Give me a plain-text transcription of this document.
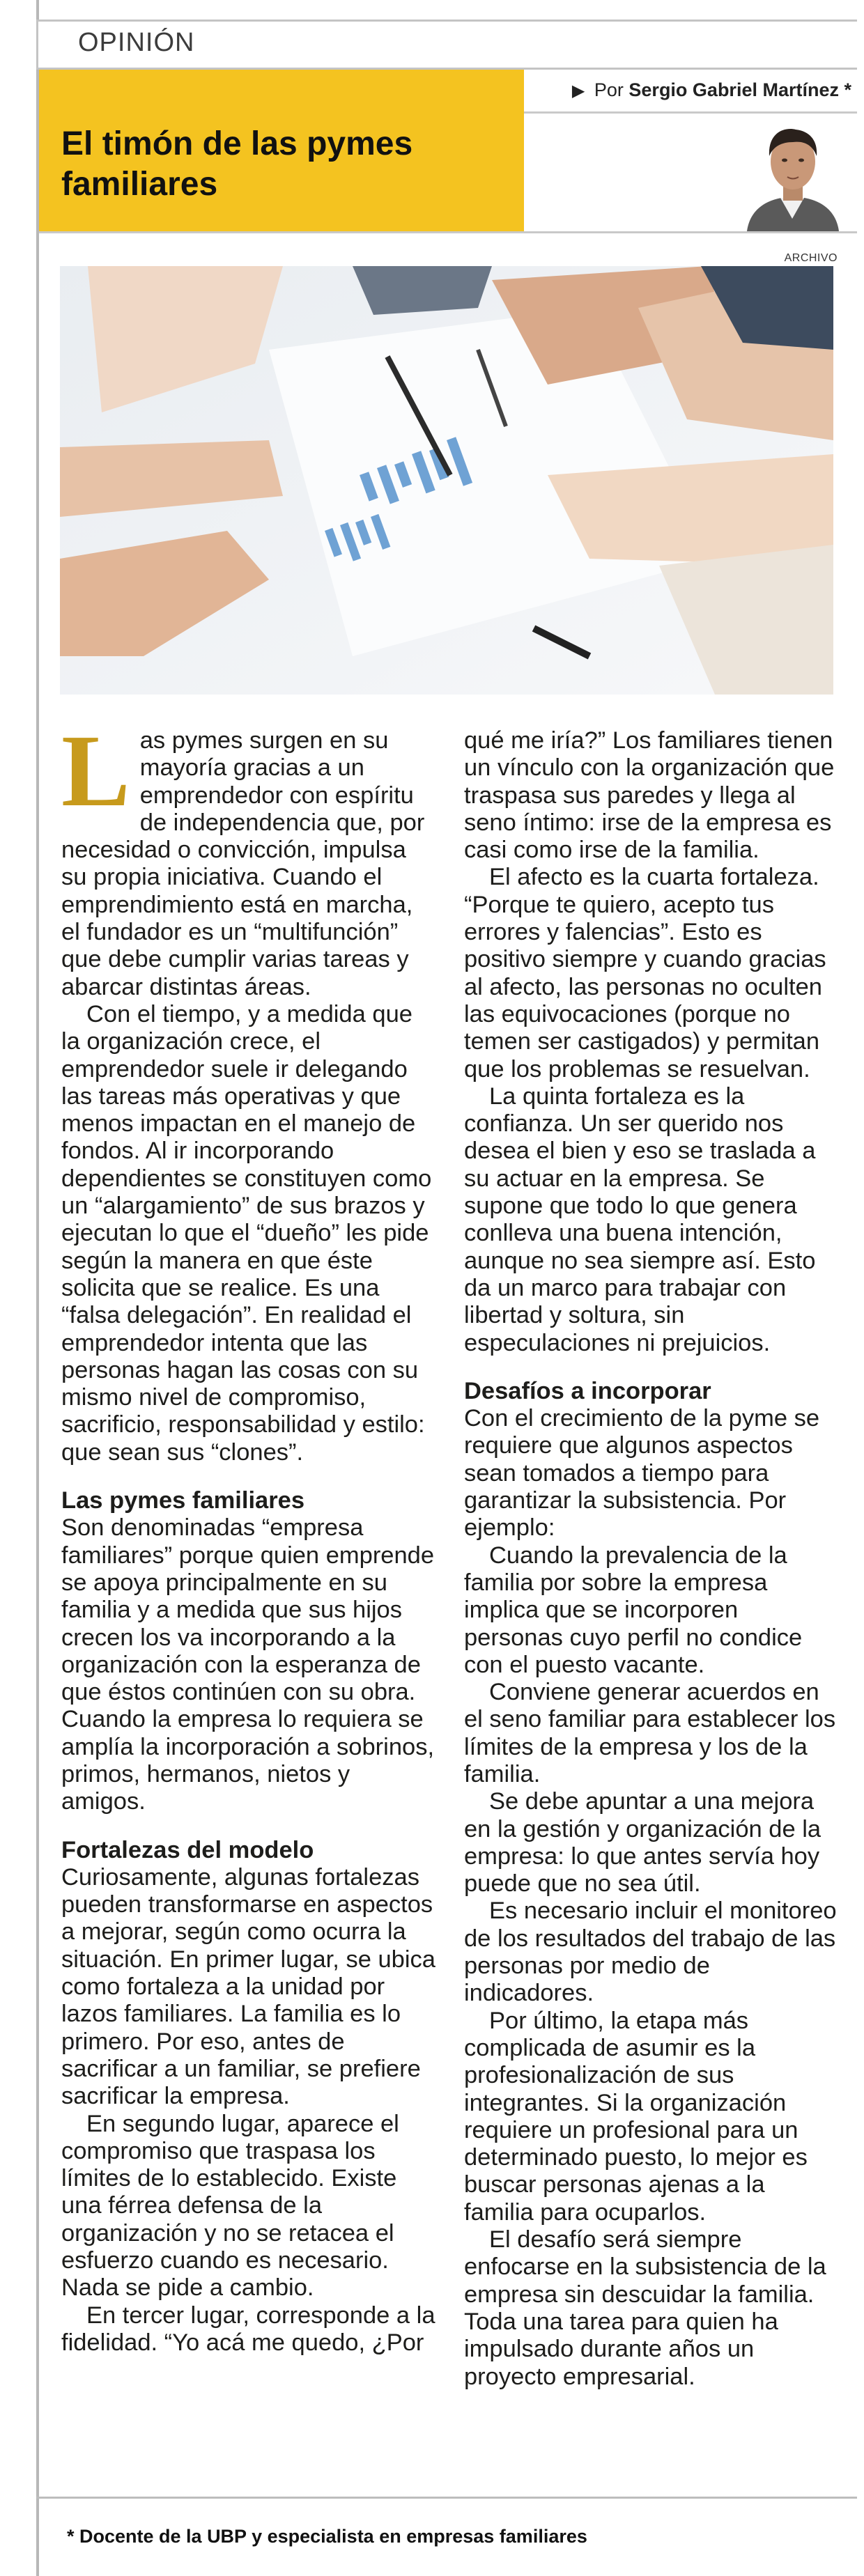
OPINIÓN
El timón de las pymes familiares
▶ Por Sergio Gabriel Martínez *
ARCHIVO

Las pymes surgen en su mayoría gracias a un emprendedor con espíritu de independencia que, por necesidad o convicción, impulsa su propia iniciativa. Cuando el emprendimiento está en marcha, el fundador es un “multifunción” que debe cumplir varias tareas y abarcar distintas áreas.

Con el tiempo, y a medida que la organización crece, el emprendedor suele ir delegando las tareas más operativas y que menos impactan en el manejo de fondos. Al ir incorporando dependientes se constituyen como un “alargamiento” de sus brazos y ejecutan lo que el “dueño” les pide según la manera en que éste solicita que se realice. Es una “falsa delegación”. En realidad el emprendedor intenta que las personas hagan las cosas con su mismo nivel de compromiso, sacrificio, responsabilidad y estilo: que sean sus “clones”.

Las pymes familiares

Son denominadas “empresa familiares” porque quien emprende se apoya principalmente en su familia y a medida que sus hijos crecen los va incorporando a la organización con la esperanza de que éstos continúen con su obra. Cuando la empresa lo requiera se amplía la incorporación a sobrinos, primos, hermanos, nietos y amigos.

Fortalezas del modelo

Curiosamente, algunas fortalezas pueden transformarse en aspectos a mejorar, según como ocurra la situación. En primer lugar, se ubica como fortaleza a la unidad por lazos familiares. La familia es lo primero. Por eso, antes de sacrificar a un familiar, se prefiere sacrificar la empresa.

En segundo lugar, aparece el compromiso que traspasa los límites de lo establecido. Existe una férrea defensa de la organización y no se retacea el esfuerzo cuando es necesario. Nada se pide a cambio.

En tercer lugar, corresponde a la fidelidad. “Yo acá me quedo, ¿Por

qué me iría?” Los familiares tienen un vínculo con la organización que traspasa sus paredes y llega al seno íntimo: irse de la empresa es casi como irse de la familia.

El afecto es la cuarta fortaleza. “Porque te quiero, acepto tus errores y falencias”. Esto es positivo siempre y cuando gracias al afecto, las personas no oculten las equivocaciones (porque no temen ser castigados) y permitan que los problemas se resuelvan.

La quinta fortaleza es la confianza. Un ser querido nos desea el bien y eso se traslada a su actuar en la empresa. Se supone que todo lo que genera conlleva una buena intención, aunque no sea siempre así. Esto da un marco para trabajar con libertad y soltura, sin especulaciones ni prejuicios.

Desafíos a incorporar

Con el crecimiento de la pyme se requiere que algunos aspectos sean tomados a tiempo para garantizar la subsistencia. Por ejemplo:

Cuando la prevalencia de la familia por sobre la empresa implica que se incorporen personas cuyo perfil no condice con el puesto vacante.

Conviene generar acuerdos en el seno familiar para establecer los límites de la empresa y los de la familia.

Se debe apuntar a una mejora en la gestión y organización de la empresa: lo que antes servía hoy puede que no sea útil.

Es necesario incluir el monitoreo de los resultados del trabajo de las personas por medio de indicadores.

Por último, la etapa más complicada de asumir es la profesionalización de sus integrantes. Si la organización requiere un profesional para un determinado puesto, lo mejor es buscar personas ajenas a la familia para ocuparlos.

El desafío será siempre enfocarse en la subsistencia de la empresa sin descuidar la familia. Toda una tarea para quien ha impulsado durante años un proyecto empresarial.

* Docente de la UBP y especialista en empresas familiares
